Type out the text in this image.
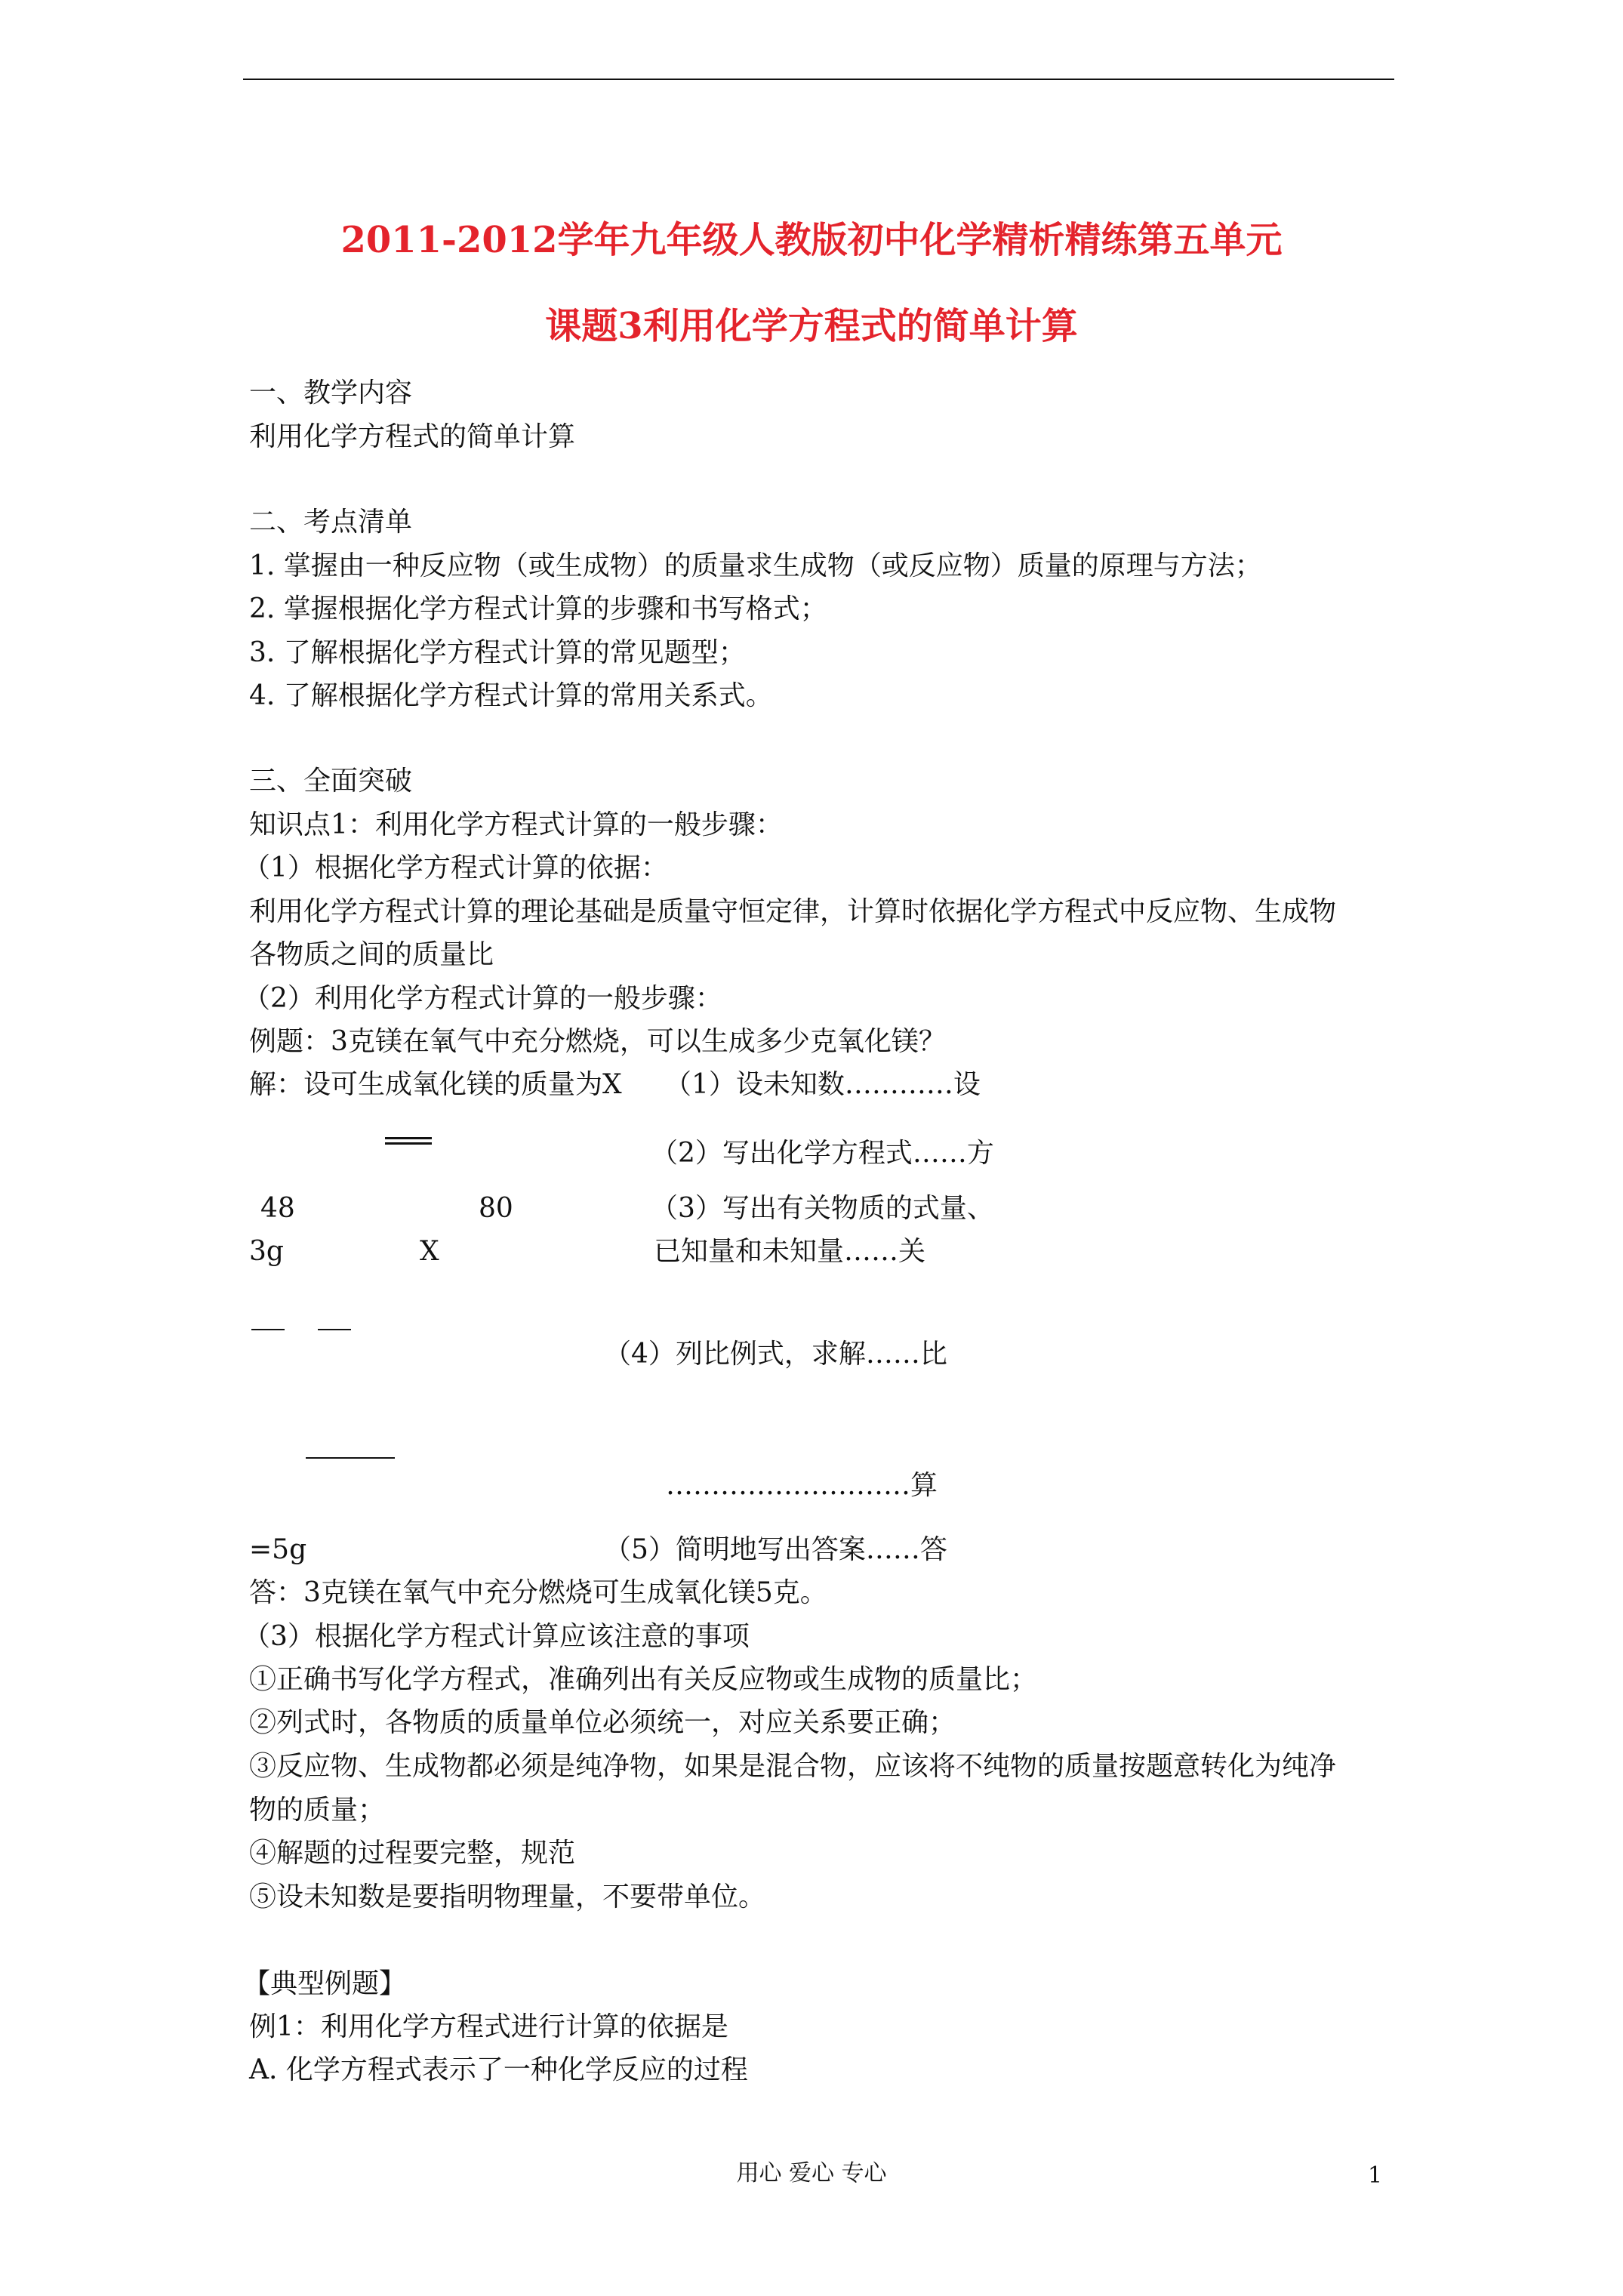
2011-2012学年九年级人教版初中化学精析精练第五单元
课题3利用化学方程式的简单计算
一、教学内容
利用化学方程式的简单计算
二、考点清单
1. 掌握由一种反应物（或生成物）的质量求生成物（或反应物）质量的原理与方法；
2. 掌握根据化学方程式计算的步骤和书写格式；
3. 了解根据化学方程式计算的常见题型；
4. 了解根据化学方程式计算的常用关系式。
三、全面突破
知识点1：利用化学方程式计算的一般步骤：
（1）根据化学方程式计算的依据：
利用化学方程式计算的理论基础是质量守恒定律，计算时依据化学方程式中反应物、生成物
各物质之间的质量比
（2）利用化学方程式计算的一般步骤：
例题：3克镁在氧气中充分燃烧，可以生成多少克氧化镁？
解：设可生成氧化镁的质量为X （1）设未知数…………设
（2）写出化学方程式……方
48	80	（3）写出有关物质的式量、
3g	X	已知量和未知量……关
（4）列比例式，求解……比
………………………算
=5g	（5）简明地写出答案……答
答：3克镁在氧气中充分燃烧可生成氧化镁5克。
（3）根据化学方程式计算应该注意的事项
①正确书写化学方程式，准确列出有关反应物或生成物的质量比；
②列式时，各物质的质量单位必须统一，对应关系要正确；
③反应物、生成物都必须是纯净物，如果是混合物，应该将不纯物的质量按题意转化为纯净
物的质量；
④解题的过程要完整，规范
⑤设未知数是要指明物理量，不要带单位。
【典型例题】
例1：利用化学方程式进行计算的依据是
A. 化学方程式表示了一种化学反应的过程
用心 爱心 专心	1
